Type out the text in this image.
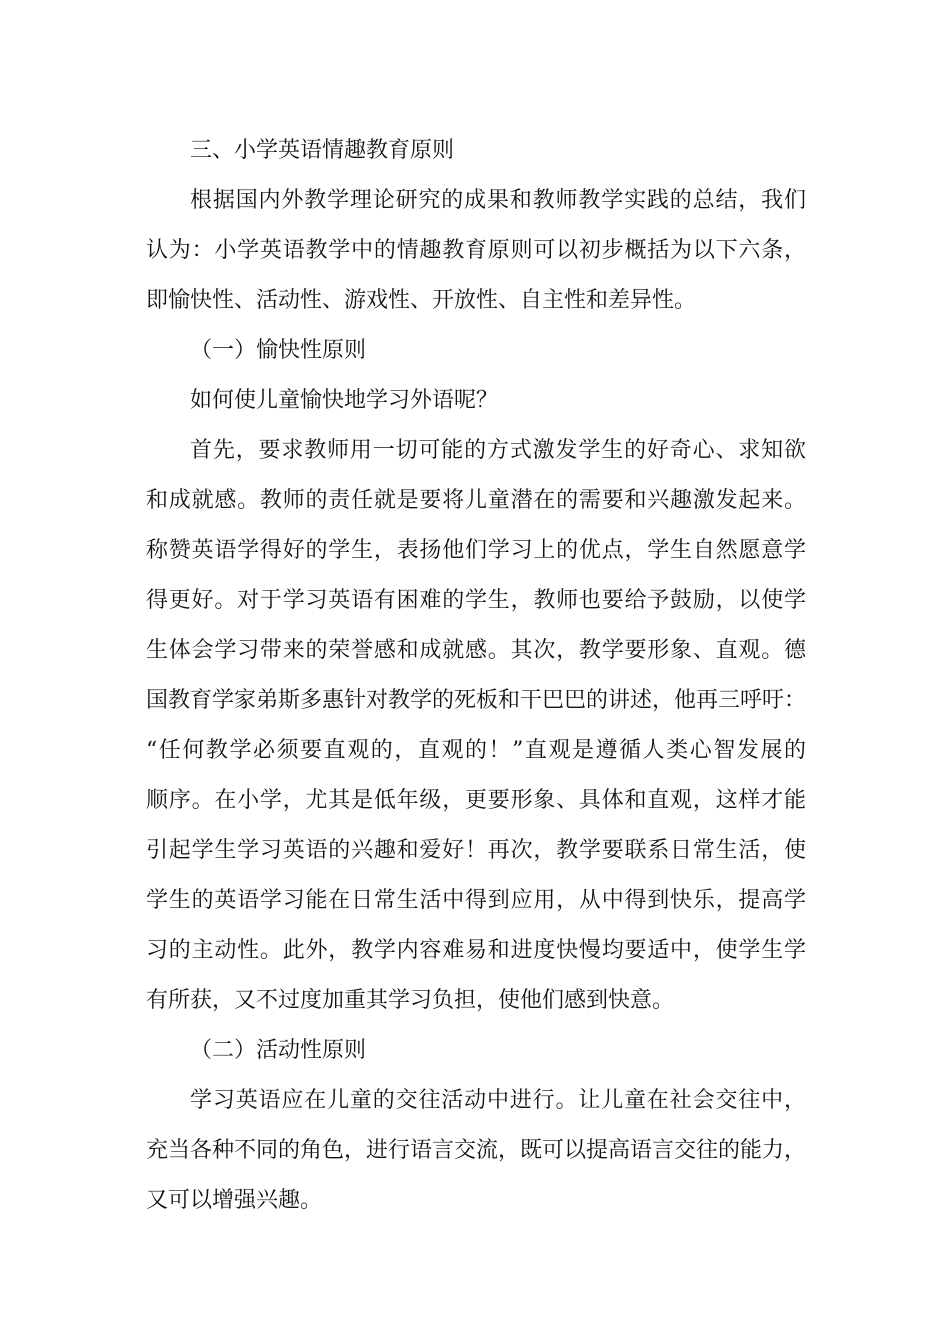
三、小学英语情趣教育原则
根据国内外教学理论研究的成果和教师教学实践的总结，我们
认为：小学英语教学中的情趣教育原则可以初步概括为以下六条，
即愉快性、活动性、游戏性、开放性、自主性和差异性。
（一）愉快性原则
如何使儿童愉快地学习外语呢？
首先，要求教师用一切可能的方式激发学生的好奇心、求知欲
和成就感。教师的责任就是要将儿童潜在的需要和兴趣激发起来。
称赞英语学得好的学生，表扬他们学习上的优点，学生自然愿意学
得更好。对于学习英语有困难的学生，教师也要给予鼓励，以使学
生体会学习带来的荣誉感和成就感。其次，教学要形象、直观。德
国教育学家弟斯多惠针对教学的死板和干巴巴的讲述，他再三呼吁：
“任何教学必须要直观的，直观的！”直观是遵循人类心智发展的
顺序。在小学，尤其是低年级，更要形象、具体和直观，这样才能
引起学生学习英语的兴趣和爱好！再次，教学要联系日常生活，使
学生的英语学习能在日常生活中得到应用，从中得到快乐，提高学
习的主动性。此外，教学内容难易和进度快慢均要适中，使学生学
有所获，又不过度加重其学习负担，使他们感到快意。
（二）活动性原则
学习英语应在儿童的交往活动中进行。让儿童在社会交往中，
充当各种不同的角色，进行语言交流，既可以提高语言交往的能力，
又可以增强兴趣。
